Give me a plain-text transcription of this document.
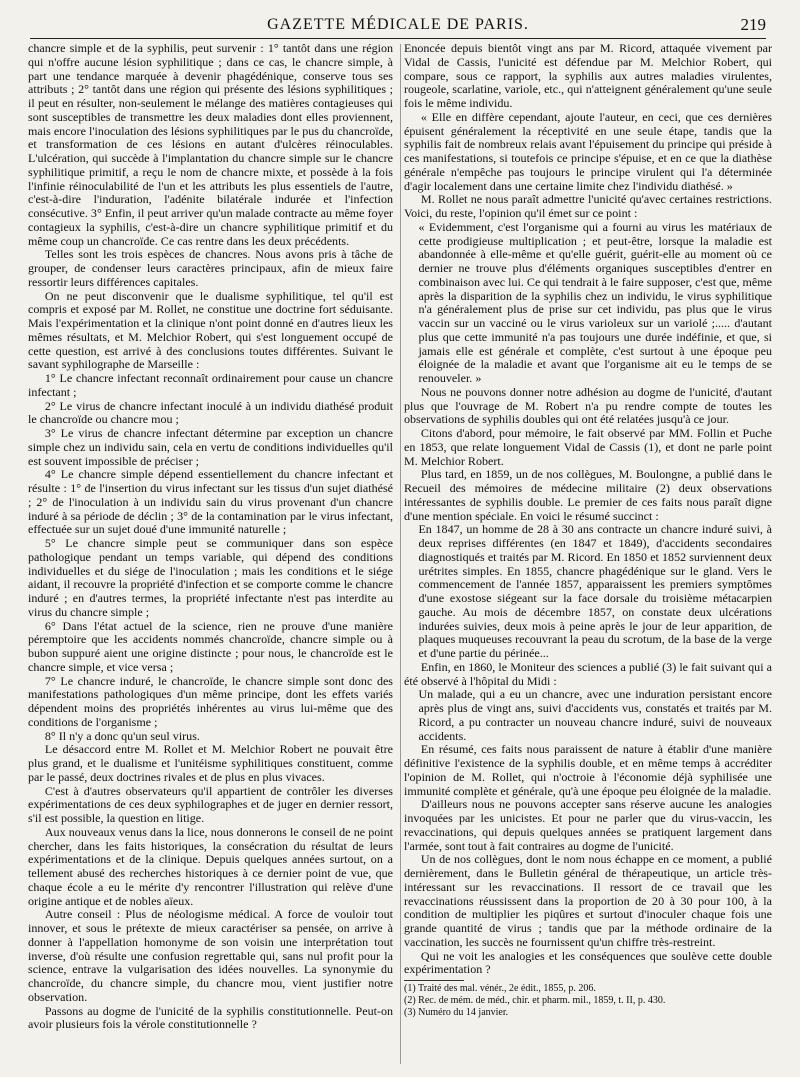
GAZETTE MÉDICALE DE PARIS.	219

chancre simple et de la syphilis, peut survenir : 1° tantôt dans une région qui n'offre aucune lésion syphilitique ; dans ce cas, le chancre simple, à part une tendance marquée à devenir phagédénique, conserve tous ses attributs ; 2° tantôt dans une région qui présente des lésions syphilitiques ; il peut en résulter, non-seulement le mélange des matières contagieuses qui sont susceptibles de transmettre les deux maladies dont elles proviennent, mais encore l'inoculation des lésions syphilitiques par le pus du chancroïde, et transformation de ces lésions en autant d'ulcères réinoculables. L'ulcération, qui succède à l'implantation du chancre simple sur le chancre syphilitique primitif, a reçu le nom de chancre mixte, et possède à la fois l'infinie réinoculabilité de l'un et les attributs les plus essentiels de l'autre, c'est-à-dire l'induration, l'adénite bilatérale indurée et l'infection consécutive. 3° Enfin, il peut arriver qu'un malade contracte au même foyer contagieux la syphilis, c'est-à-dire un chancre syphilitique primitif et du même coup un chancroïde. Ce cas rentre dans les deux précédents.

Telles sont les trois espèces de chancres. Nous avons pris à tâche de grouper, de condenser leurs caractères principaux, afin de mieux faire ressortir leurs différences capitales.

On ne peut disconvenir que le dualisme syphilitique, tel qu'il est compris et exposé par M. Rollet, ne constitue une doctrine fort séduisante. Mais l'expérimentation et la clinique n'ont point donné en d'autres lieux les mêmes résultats, et M. Melchior Robert, qui s'est longuement occupé de cette question, est arrivé à des conclusions toutes différentes. Suivant le savant syphilographe de Marseille :

1° Le chancre infectant reconnaît ordinairement pour cause un chancre infectant ;

2° Le virus de chancre infectant inoculé à un individu diathésé produit le chancroïde ou chancre mou ;

3° Le virus de chancre infectant détermine par exception un chancre simple chez un individu sain, cela en vertu de conditions individuelles qu'il est souvent impossible de préciser ;

4° Le chancre simple dépend essentiellement du chancre infectant et résulte : 1° de l'insertion du virus infectant sur les tissus d'un sujet diathésé ; 2° de l'inoculation à un individu sain du virus provenant d'un chancre induré à sa période de déclin ; 3° de la contamination par le virus infectant, effectuée sur un sujet doué d'une immunité naturelle ;

5° Le chancre simple peut se communiquer dans son espèce pathologique pendant un temps variable, qui dépend des conditions individuelles et du siége de l'inoculation ; mais les conditions et le siége aidant, il recouvre la propriété d'infection et se comporte comme le chancre induré ; en d'autres termes, la propriété infectante n'est pas interdite au virus du chancre simple ;

6° Dans l'état actuel de la science, rien ne prouve d'une manière péremptoire que les accidents nommés chancroïde, chancre simple ou à bubon suppuré aient une origine distincte ; pour nous, le chancroïde est le chancre simple, et vice versa ;

7° Le chancre induré, le chancroïde, le chancre simple sont donc des manifestations pathologiques d'un même principe, dont les effets variés dépendent moins des propriétés inhérentes au virus lui-même que des conditions de l'organisme ;

8° Il n'y a donc qu'un seul virus.

Le désaccord entre M. Rollet et M. Melchior Robert ne pouvait être plus grand, et le dualisme et l'unitéisme syphilitiques constituent, comme par le passé, deux doctrines rivales et de plus en plus vivaces.

C'est à d'autres observateurs qu'il appartient de contrôler les diverses expérimentations de ces deux syphilographes et de juger en dernier ressort, s'il est possible, la question en litige.

Aux nouveaux venus dans la lice, nous donnerons le conseil de ne point chercher, dans les faits historiques, la consécration du résultat de leurs expérimentations et de la clinique. Depuis quelques années surtout, on a tellement abusé des recherches historiques à ce dernier point de vue, que chaque école a eu le mérite d'y rencontrer l'illustration qui relève d'une origine antique et de nobles aïeux.

Autre conseil : Plus de néologisme médical. A force de vouloir tout innover, et sous le prétexte de mieux caractériser sa pensée, on arrive à donner à l'appellation homonyme de son voisin une interprétation tout inverse, d'où résulte une confusion regrettable qui, sans nul profit pour la science, entrave la vulgarisation des idées nouvelles. La synonymie du chancroïde, du chancre simple, du chancre mou, vient justifier notre observation.

Passons au dogme de l'unicité de la syphilis constitutionnelle. Peut-on avoir plusieurs fois la vérole constitutionnelle ?

Enoncée depuis bientôt vingt ans par M. Ricord, attaquée vivement par Vidal de Cassis, l'unicité est défendue par M. Melchior Robert, qui compare, sous ce rapport, la syphilis aux autres maladies virulentes, rougeole, scarlatine, variole, etc., qui n'atteignent généralement qu'une seule fois le même individu.

« Elle en diffère cependant, ajoute l'auteur, en ceci, que ces dernières épuisent généralement la réceptivité en une seule étape, tandis que la syphilis fait de nombreux relais avant l'épuisement du principe qui préside à ces manifestations, si toutefois ce principe s'épuise, et en ce que la diathèse générale n'empêche pas toujours le principe virulent qui l'a déterminée d'agir localement dans une certaine limite chez l'individu diathésé. »

M. Rollet ne nous paraît admettre l'unicité qu'avec certaines restrictions. Voici, du reste, l'opinion qu'il émet sur ce point :

« Evidemment, c'est l'organisme qui a fourni au virus les matériaux de cette prodigieuse multiplication ; et peut-être, lorsque la maladie est abandonnée à elle-même et qu'elle guérit, guérit-elle au moment où ce dernier ne trouve plus d'éléments organiques susceptibles d'entrer en combinaison avec lui. Ce qui tendrait à le faire supposer, c'est que, même après la disparition de la syphilis chez un individu, le virus syphilitique n'a généralement plus de prise sur cet individu, pas plus que le virus vaccin sur un vacciné ou le virus variolеux sur un variolé ;..... d'autant plus que cette immunité n'a pas toujours une durée indéfinie, et que, si jamais elle est générale et complète, c'est surtout à une époque peu éloignée de la maladie et avant que l'organisme ait eu le temps de se renouveler. »

Nous ne pouvons donner notre adhésion au dogme de l'unicité, d'autant plus que l'ouvrage de M. Robert n'a pu rendre compte de toutes les observations de syphilis doubles qui ont été relatées jusqu'à ce jour.

Citons d'abord, pour mémoire, le fait observé par MM. Follin et Puche en 1853, que relate longuement Vidal de Cassis (1), et dont ne parle point M. Melchior Robert.

Plus tard, en 1859, un de nos collègues, M. Boulongne, a publié dans le Recueil des mémoires de médecine militaire (2) deux observations intéressantes de syphilis double. Le premier de ces faits nous paraît digne d'une mention spéciale. En voici le résumé succinct :

En 1847, un homme de 28 à 30 ans contracte un chancre induré suivi, à deux reprises différentes (en 1847 et 1849), d'accidents secondaires diagnostiqués et traités par M. Ricord. En 1850 et 1852 surviennent deux urétrites simples. En 1855, chancre phagédénique sur le gland. Vers le commencement de l'année 1857, apparaissent les premiers symptômes d'une exostose siégeant sur la face dorsale du troisième métacarpien gauche. Au mois de décembre 1857, on constate deux ulcérations indurées suivies, deux mois à peine après le jour de leur apparition, de plaques muqueuses recouvrant la peau du scrotum, de la base de la verge et d'une partie du périnée...

Enfin, en 1860, le Moniteur des sciences a publié (3) le fait suivant qui a été observé à l'hôpital du Midi :

Un malade, qui a eu un chancre, avec une induration persistant encore après plus de vingt ans, suivi d'accidents vus, constatés et traités par M. Ricord, a pu contracter un nouveau chancre induré, suivi de nouveaux accidents.

En résumé, ces faits nous paraissent de nature à établir d'une manière définitive l'existence de la syphilis double, et en même temps à accréditer l'opinion de M. Rollet, qui n'octroie à l'économie déjà syphilisée une immunité complète et générale, qu'à une époque peu éloignée de la maladie.

D'ailleurs nous ne pouvons accepter sans réserve aucune les analogies invoquées par les unicistes. Et pour ne parler que du virus-vaccin, les revaccinations, qui depuis quelques années se pratiquent largement dans l'armée, sont tout à fait contraires au dogme de l'unicité.

Un de nos collègues, dont le nom nous échappe en ce moment, a publié dernièrement, dans le Bulletin général de thérapeutique, un article très-intéressant sur les revaccinations. Il ressort de ce travail que les revaccinations réussissent dans la proportion de 20 à 30 pour 100, à la condition de multiplier les piqûres et surtout d'inoculer chaque fois une grande quantité de virus ; tandis que par la méthode ordinaire de la vaccination, les succès ne fournissent qu'un chiffre très-restreint.

Qui ne voit les analogies et les conséquences que soulève cette double expérimentation ?

(1) Traité des mal. vénér., 2e édit., 1855, p. 206.

(2) Rec. de mém. de méd., chir. et pharm. mil., 1859, t. II, p. 430.

(3) Numéro du 14 janvier.
